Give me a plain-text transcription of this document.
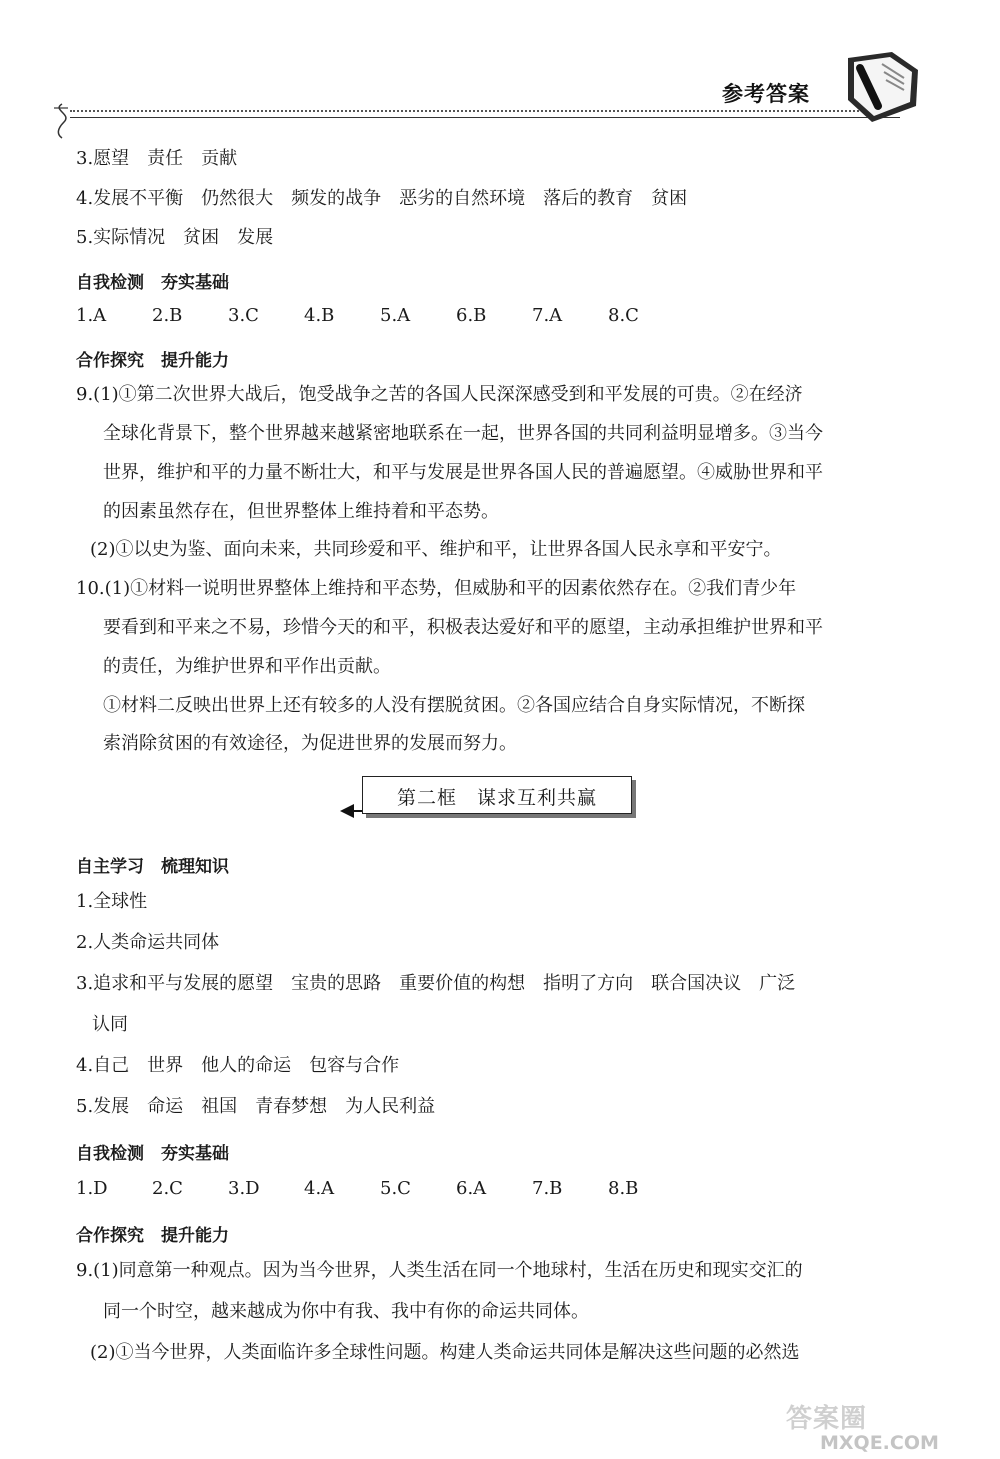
参考答案
3.愿望　责任　贡献
4.发展不平衡　仍然很大　频发的战争　恶劣的自然环境　落后的教育　贫困
5.实际情况　贫困　发展
自我检测　夯实基础
1.A	2.B	3.C	4.B	5.A	6.B	7.A	8.C
合作探究　提升能力
9.(1)①第二次世界大战后，饱受战争之苦的各国人民深深感受到和平发展的可贵。②在经济
全球化背景下，整个世界越来越紧密地联系在一起，世界各国的共同利益明显增多。③当今
世界，维护和平的力量不断壮大，和平与发展是世界各国人民的普遍愿望。④威胁世界和平
的因素虽然存在，但世界整体上维持着和平态势。
(2)①以史为鉴、面向未来，共同珍爱和平、维护和平，让世界各国人民永享和平安宁。
10.(1)①材料一说明世界整体上维持和平态势，但威胁和平的因素依然存在。②我们青少年
要看到和平来之不易，珍惜今天的和平，积极表达爱好和平的愿望，主动承担维护世界和平
的责任，为维护世界和平作出贡献。
①材料二反映出世界上还有较多的人没有摆脱贫困。②各国应结合自身实际情况，不断探
索消除贫困的有效途径，为促进世界的发展而努力。
第二框　谋求互利共赢
自主学习　梳理知识
1.全球性
2.人类命运共同体
3.追求和平与发展的愿望　宝贵的思路　重要价值的构想　指明了方向　联合国决议　广泛
认同
4.自己　世界　他人的命运　包容与合作
5.发展　命运　祖国　青春梦想　为人民利益
自我检测　夯实基础
1.D 2.C	3.D 4.A	5.C	6.A	7.B	8.B
合作探究　提升能力
9.(1)同意第一种观点。因为当今世界，人类生活在同一个地球村，生活在历史和现实交汇的
同一个时空，越来越成为你中有我、我中有你的命运共同体。
(2)①当今世界，人类面临许多全球性问题。构建人类命运共同体是解决这些问题的必然选
答案圈
MXQE.COM
